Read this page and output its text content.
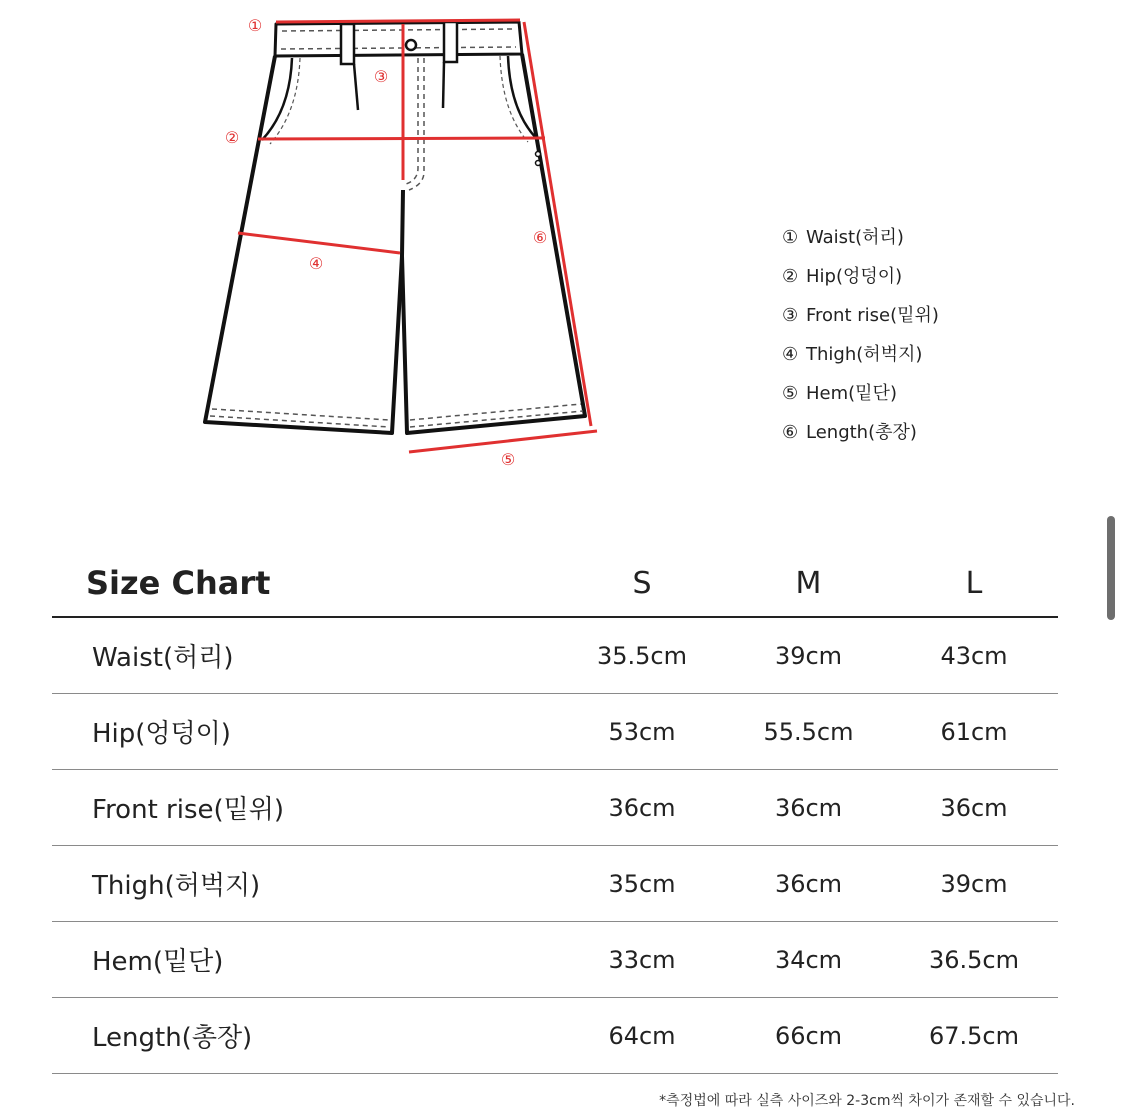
①
②
③
④
⑤
⑥	① Waist(허리)
② Hip(엉덩이)
③ Front rise(밑위)
④ Thigh(허벅지)
⑤ Hem(밑단)
⑥ Length(총장)
Size Chart	S	M	L
Waist(허리)	35.5cm	39cm	43cm
Hip(엉덩이)	53cm	55.5cm	61cm
Front rise(밑위)	36cm	36cm	36cm
Thigh(허벅지)	35cm	36cm	39cm
Hem(밑단)	33cm	34cm	36.5cm
Length(총장)	64cm	66cm	67.5cm
*측정법에 따라 실측 사이즈와 2-3cm씩 차이가 존재할 수 있습니다.
